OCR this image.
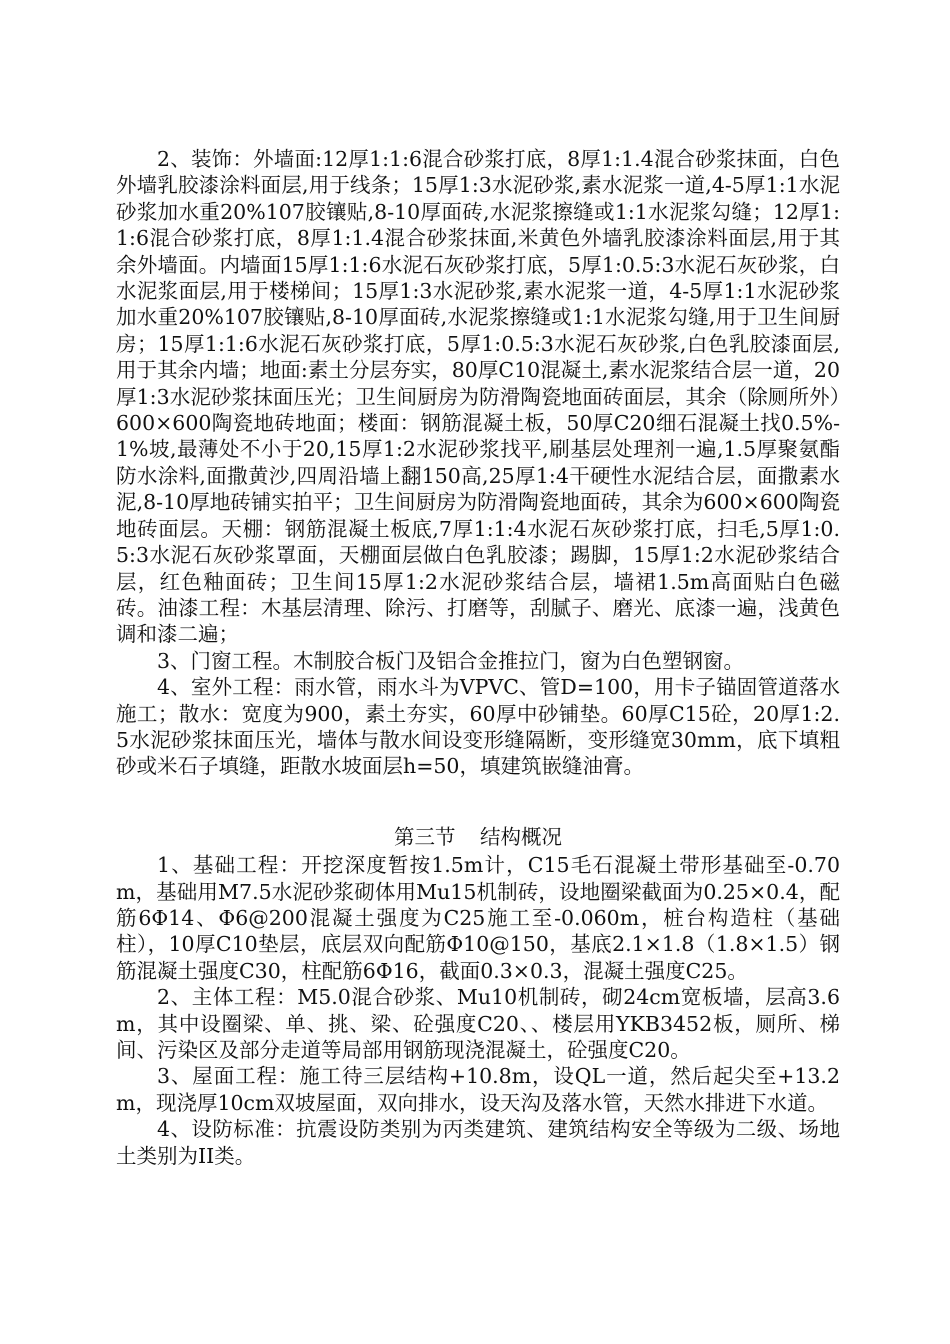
2、装饰：外墙面:12厚1:1:6混合砂浆打底，8厚1:1.4混合砂浆抹面，白色外墙乳胶漆涂料面层,用于线条；15厚1:3水泥砂浆,素水泥浆一道,4-5厚1:1水泥砂浆加水重20%107胶镶贴,8-10厚面砖,水泥浆擦缝或1:1水泥浆勾缝；12厚1:1:6混合砂浆打底，8厚1:1.4混合砂浆抹面,米黄色外墙乳胶漆涂料面层,用于其余外墙面。内墙面15厚1:1:6水泥石灰砂浆打底，5厚1:0.5:3水泥石灰砂浆，白水泥浆面层,用于楼梯间；15厚1:3水泥砂浆,素水泥浆一道，4-5厚1:1水泥砂浆加水重20%107胶镶贴,8-10厚面砖,水泥浆擦缝或1:1水泥浆勾缝,用于卫生间厨房；15厚1:1:6水泥石灰砂浆打底，5厚1:0.5:3水泥石灰砂浆,白色乳胶漆面层,用于其余内墙；地面:素土分层夯实，80厚C10混凝土,素水泥浆结合层一道，20厚1:3水泥砂浆抹面压光；卫生间厨房为防滑陶瓷地面砖面层，其余（除厕所外）600×600陶瓷地砖地面；楼面：钢筋混凝土板，50厚C20细石混凝土找0.5%-1%坡,最薄处不小于20,15厚1:2水泥砂浆找平,刷基层处理剂一遍,1.5厚聚氨酯防水涂料,面撒黄沙,四周沿墙上翻150高,25厚1:4干硬性水泥结合层，面撒素水泥,8-10厚地砖铺实拍平；卫生间厨房为防滑陶瓷地面砖，其余为600×600陶瓷地砖面层。天棚：钢筋混凝土板底,7厚1:1:4水泥石灰砂浆打底，扫毛,5厚1:0.5:3水泥石灰砂浆罩面，天棚面层做白色乳胶漆；踢脚，15厚1:2水泥砂浆结合层，红色釉面砖；卫生间15厚1:2水泥砂浆结合层，墙裙1.5m高面贴白色磁砖。油漆工程：木基层清理、除污、打磨等，刮腻子、磨光、底漆一遍，浅黄色调和漆二遍；

3、门窗工程。木制胶合板门及铝合金推拉门，窗为白色塑钢窗。

4、室外工程：雨水管，雨水斗为VPVC、管D=100，用卡子锚固管道落水施工；散水：宽度为900，素土夯实，60厚中砂铺垫。60厚C15砼，20厚1:2.5水泥砂浆抹面压光，墙体与散水间设变形缝隔断，变形缝宽30mm，底下填粗砂或米石子填缝，距散水坡面层h=50，填建筑嵌缝油膏。

第三节 结构概况

1、基础工程：开挖深度暂按1.5m计，C15毛石混凝土带形基础至-0.70m，基础用M7.5水泥砂浆砌体用Mu15机制砖，设地圈梁截面为0.25×0.4，配筋6Φ14、Φ6@200混凝土强度为C25施工至-0.060m，桩台构造柱（基础柱），10厚C10垫层，底层双向配筋Φ10@150，基底2.1×1.8（1.8×1.5）钢筋混凝土强度C30，柱配筋6Φ16，截面0.3×0.3，混凝土强度C25。

2、主体工程：M5.0混合砂浆、Mu10机制砖，砌24cm宽板墙，层高3.6m，其中设圈梁、单、挑、梁、砼强度C20、、楼层用YKB3452板，厕所、梯间、污染区及部分走道等局部用钢筋现浇混凝土，砼强度C20。

3、屋面工程：施工待三层结构+10.8m，设QL一道，然后起尖至+13.2m，现浇厚10cm双坡屋面，双向排水，设天沟及落水管，天然水排进下水道。

4、设防标准：抗震设防类别为丙类建筑、建筑结构安全等级为二级、场地土类别为II类。
